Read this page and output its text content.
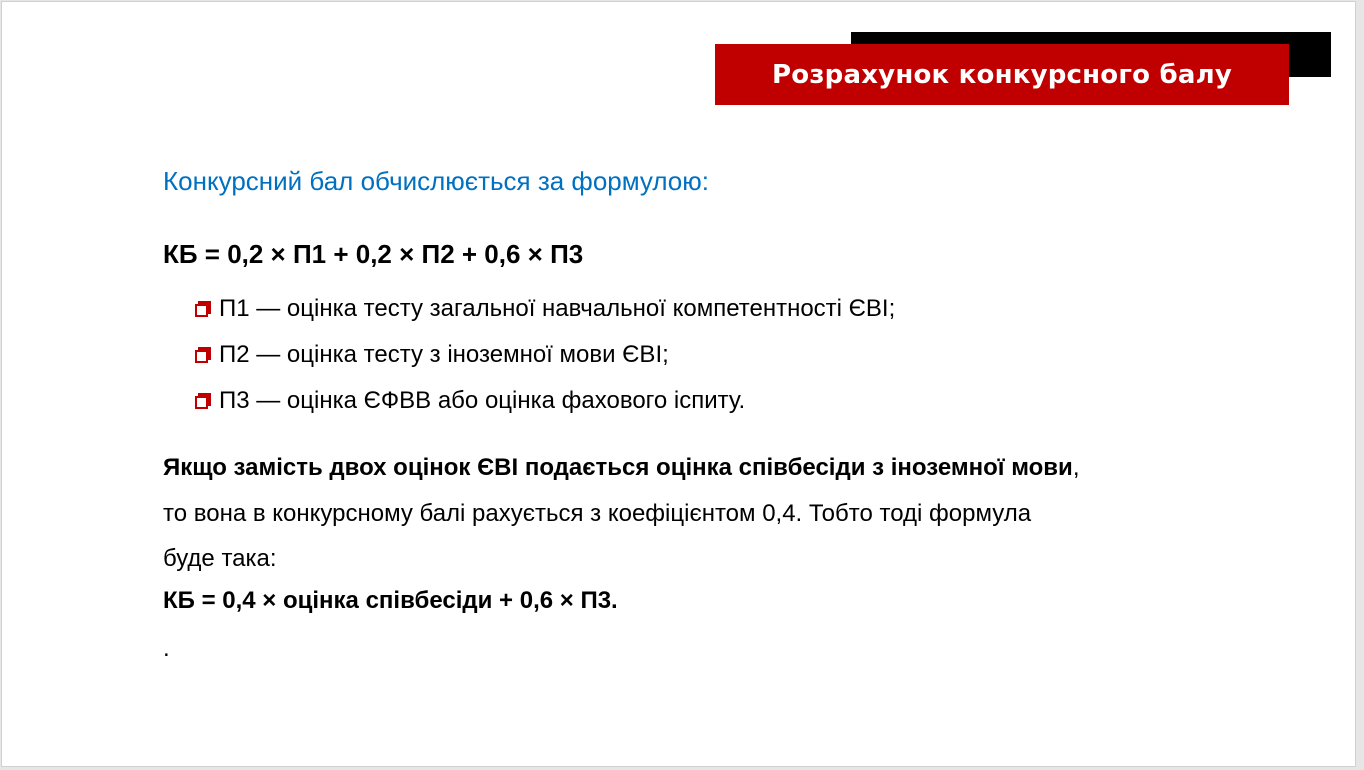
Розрахунок конкурсного балу
Конкурсний бал обчислюється за формулою:
КБ = 0,2 × П1 + 0,2 × П2 + 0,6 × П3
П1 — оцінка тесту загальної навчальної компетентності ЄВІ;
П2 — оцінка тесту з іноземної мови ЄВІ;
П3 — оцінка ЄФВВ або оцінка фахового іспиту.
Якщо замість двох оцінок ЄВІ подається оцінка співбесіди з іноземної мови, то вона в конкурсному балі рахується з коефіцієнтом 0,4. Тобто тоді формула буде така:
КБ = 0,4 × оцінка співбесіди + 0,6 × П3.
.
